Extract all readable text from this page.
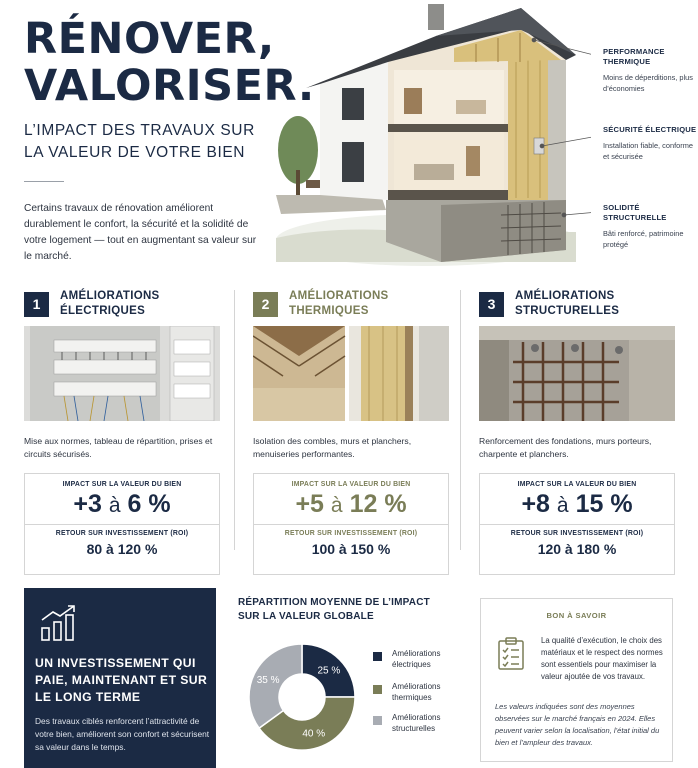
RÉNOVER,
VALORISER.
L’IMPACT DES TRAVAUX SUR
LA VALEUR DE VOTRE BIEN
Certains travaux de rénovation améliorent durablement le confort, la sécurité et la solidité de votre logement — tout en augmentant sa valeur sur le marché.
PERFORMANCE THERMIQUE
Moins de déperditions, plus d’économies
SÉCURITÉ ÉLECTRIQUE
Installation fiable, conforme et sécurisée
SOLIDITÉ STRUCTURELLE
Bâti renforcé, patrimoine protégé
1	AMÉLIORATIONS ÉLECTRIQUES
Mise aux normes, tableau de répartition, prises et circuits sécurisés.
IMPACT SUR LA VALEUR DU BIEN
+3 à 6 %
RETOUR SUR INVESTISSEMENT (ROI)
80 à 120 %
2	AMÉLIORATIONS THERMIQUES
Isolation des combles, murs et planchers, menuiseries performantes.
IMPACT SUR LA VALEUR DU BIEN
+5 à 12 %
RETOUR SUR INVESTISSEMENT (ROI)
100 à 150 %
3	AMÉLIORATIONS STRUCTURELLES
Renforcement des fondations, murs porteurs, charpente et planchers.
IMPACT SUR LA VALEUR DU BIEN
+8 à 15 %
RETOUR SUR INVESTISSEMENT (ROI)
120 à 180 %
UN INVESTISSEMENT QUI PAIE, MAINTENANT ET SUR LE LONG TERME
Des travaux ciblés renforcent l’attractivité de votre bien, améliorent son confort et sécurisent sa valeur dans le temps.
RÉPARTITION MOYENNE DE L’IMPACT SUR LA VALEUR GLOBALE
25 %
40 %
35 %
Améliorations électriques
Améliorations thermiques
Améliorations structurelles
BON À SAVOIR
La qualité d’exécution, le choix des matériaux et le respect des normes sont essentiels pour maximiser la valeur ajoutée de vos travaux.
Les valeurs indiquées sont des moyennes observées sur le marché français en 2024. Elles peuvent varier selon la localisation, l’état initial du bien et l’ampleur des travaux.
